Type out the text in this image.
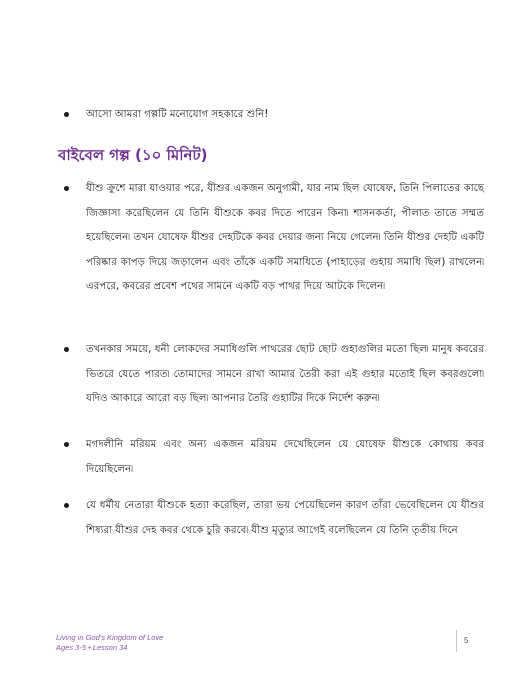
আসো আমরা গল্পটি মনোযোগ সহকারে শুনি!
বাইবেল গল্প (১০ মিনিট)
যীশু ক্রুশে মারা যাওয়ার পরে, যীশুর একজন অনুগামী, যার নাম ছিল যোষেফ, তিনি পিলাতের কাছে জিজ্ঞাসা করেছিলেন যে তিনি যীশুকে কবর দিতে পারেন কিনা৷ শাসনকর্তা, পীলাত তাতে সম্মত হয়েছিলেন৷ তখন যোষেফ যীশুর দেহটিকে কবর দেয়ার জন্য নিয়ে গেলেন৷ তিনি যীশুর দেহটি একটি পরিষ্কার কাপড় দিয়ে জড়ালেন এবং তাঁকে একটি সমাধিতে (পাহাড়ের গুহায় সমাধি ছিল) রাখলেন৷ এরপরে, কবরের প্রবেশ পথের সামনে একটি বড় পাথর দিয়ে আটকে দিলেন৷
তখনকার সময়ে, ধনী লোকদের সমাধিগুলি পাথরের ছোট ছোট গুহাগুলির মতো ছিল৷ মানুষ কবরের ভিতরে যেতে পারত৷ তোমাদের সামনে রাখা আমার তৈরী করা এই গুহার মতোই ছিল কবরগুলো৷ যদিও আকারে আরো বড় ছিল৷ আপনার তৈরি গুহাটির দিকে নির্দেশ করুন৷
মগদলীনি মরিয়ম এবং অন্য একজন মরিয়ম দেখেছিলেন যে যোষেফ যীশুকে কোথায় কবর দিয়েছিলেন৷
যে ধর্মীয় নেতারা যীশুকে হত্যা করেছিল, তারা ভয় পেয়েছিলেন কারণ তাঁরা ভেবেছিলেন যে যীশুর শিষ্যরা যীশুর দেহ কবর থেকে চুরি করবে৷ যীশু মৃত্যুর আগেই বলেছিলেন যে তিনি তৃতীয় দিনে
Living in God's Kingdom of Love
Ages 3-5 • Lesson 34
5
